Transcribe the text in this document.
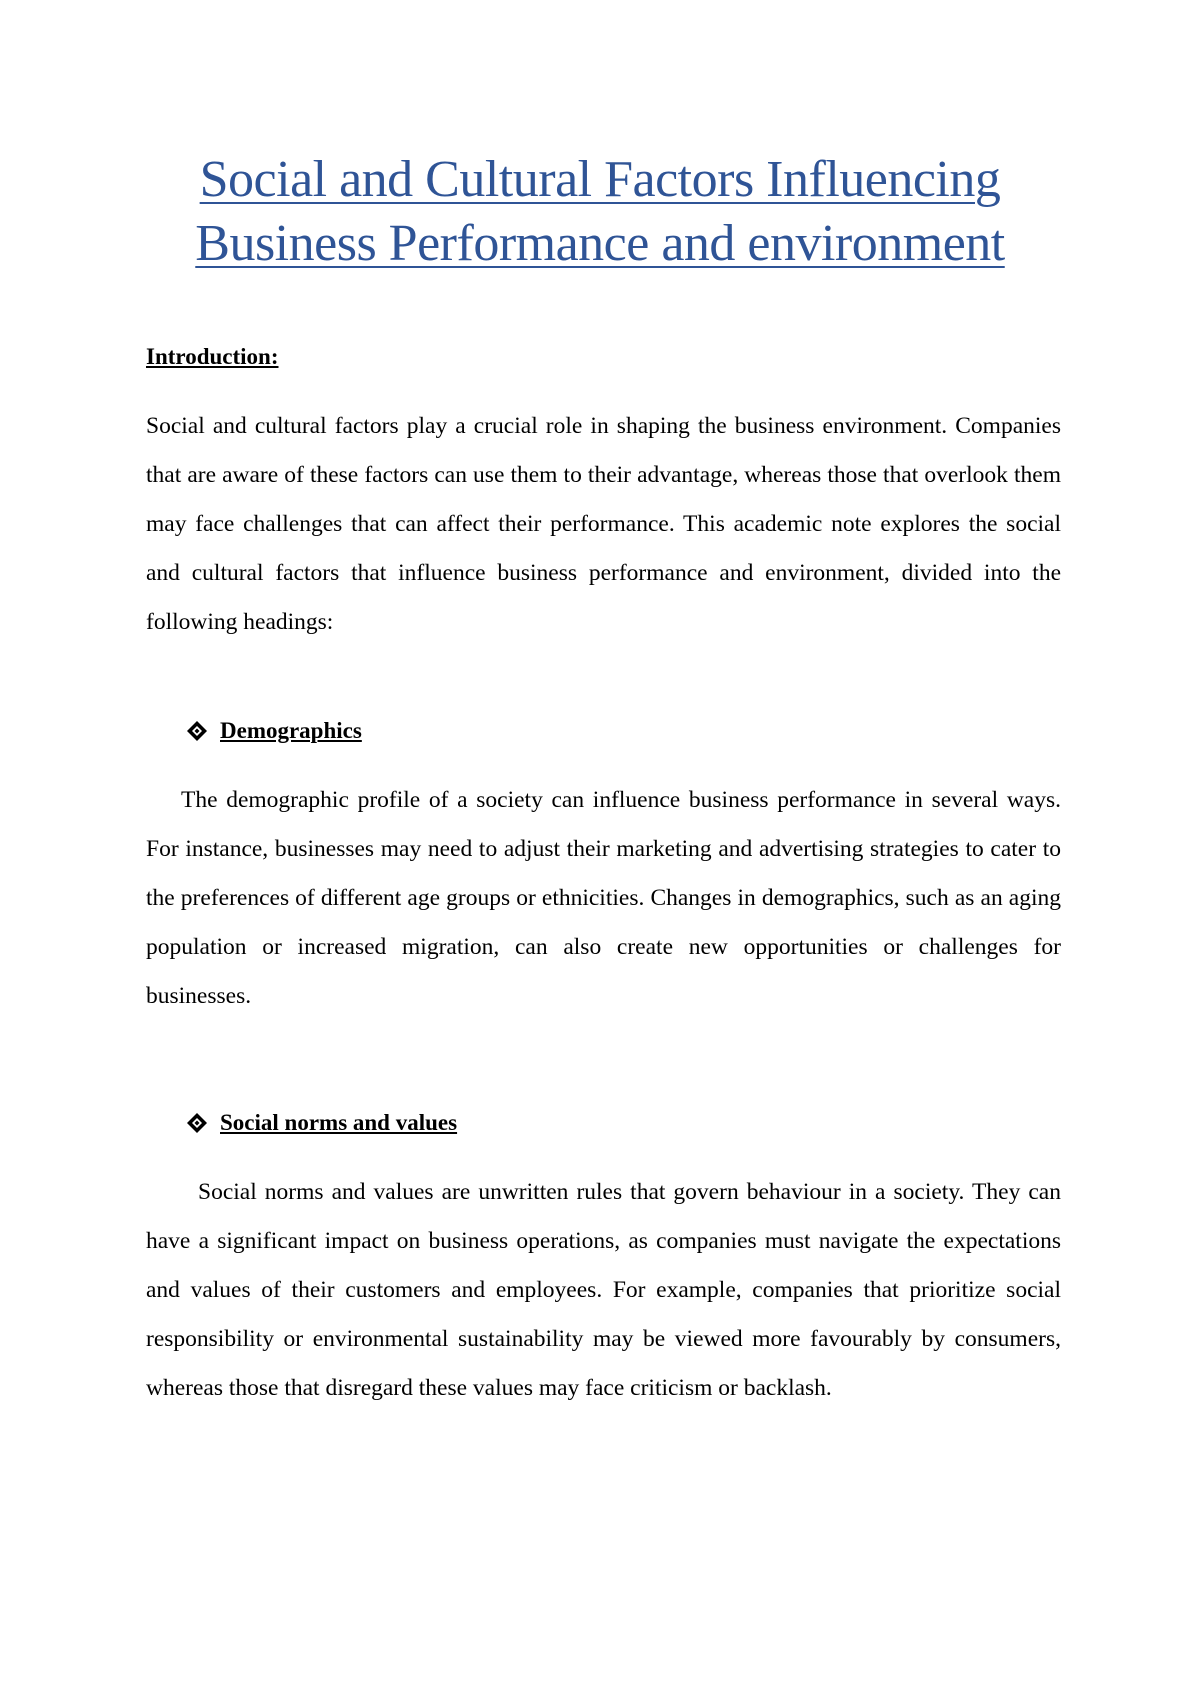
Social and Cultural Factors Influencing
Business Performance and environment

Introduction:

Social and cultural factors play a crucial role in shaping the business environment. Companies that are aware of these factors can use them to their advantage, whereas those that overlook them may face challenges that can affect their performance. This academic note explores the social and cultural factors that influence business performance and environment, divided into the following headings:

Demographics

The demographic profile of a society can influence business performance in several ways. For instance, businesses may need to adjust their marketing and advertising strategies to cater to the preferences of different age groups or ethnicities. Changes in demographics, such as an aging population or increased migration, can also create new opportunities or challenges for businesses.

Social norms and values

Social norms and values are unwritten rules that govern behaviour in a society. They can have a significant impact on business operations, as companies must navigate the expectations and values of their customers and employees. For example, companies that prioritize social responsibility or environmental sustainability may be viewed more favourably by consumers, whereas those that disregard these values may face criticism or backlash.
